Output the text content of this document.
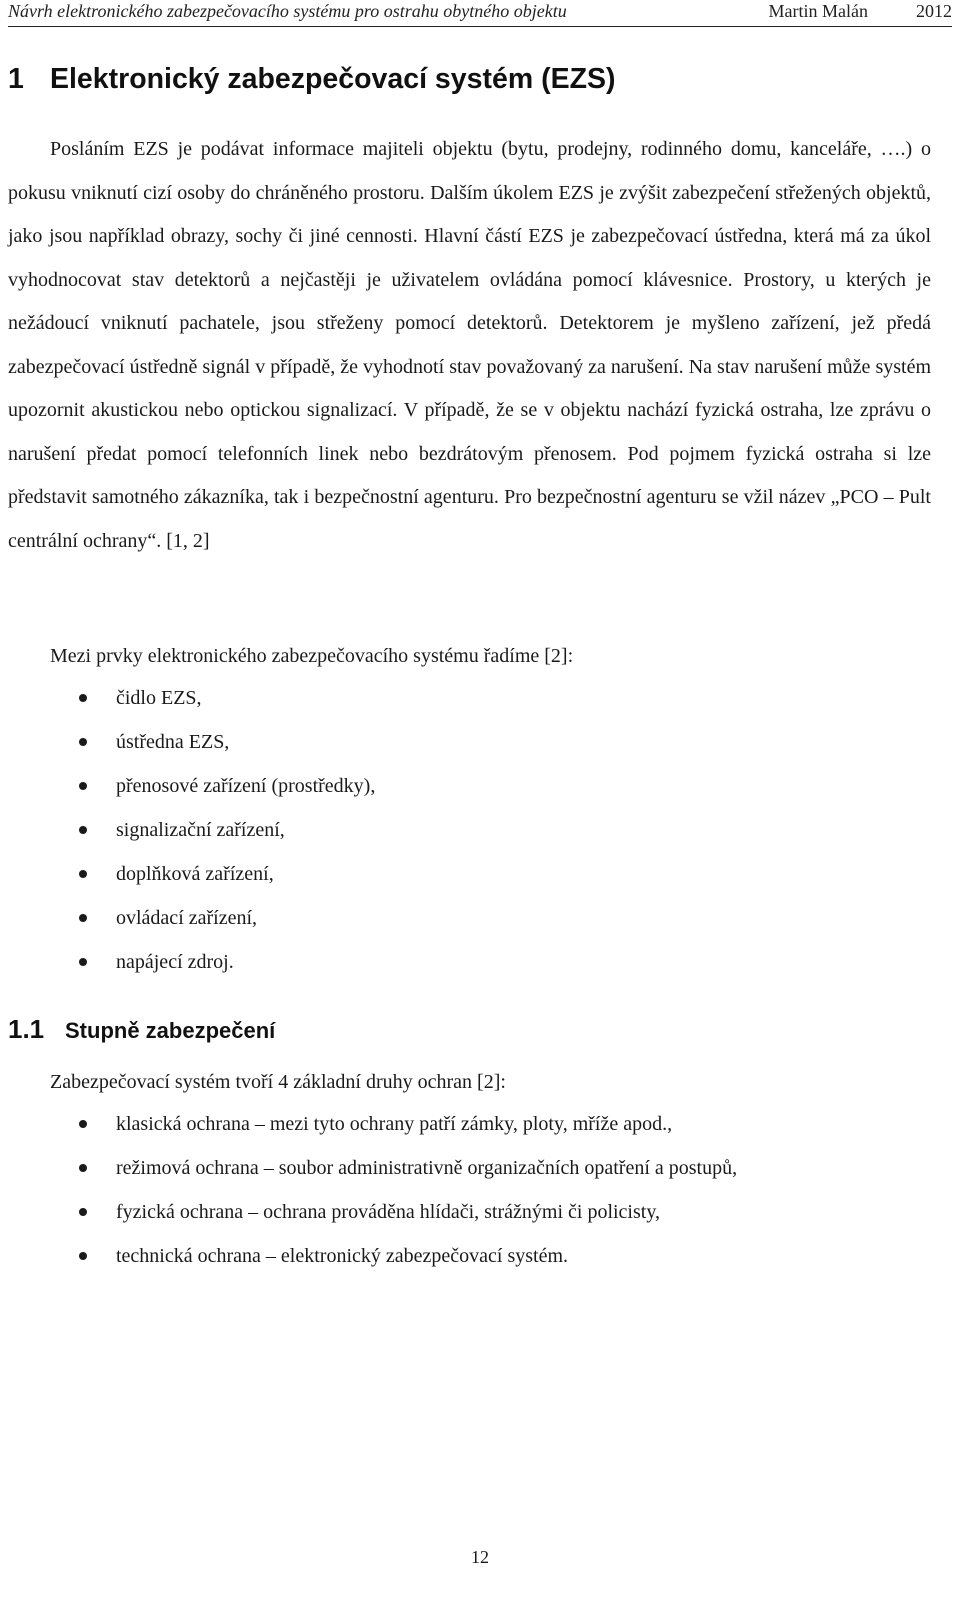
Návrh elektronického zabezpečovacího systému pro ostrahu obytného objektu	Martin Malán	2012
1 Elektronický zabezpečovací systém (EZS)

Posláním EZS je podávat informace majiteli objektu (bytu, prodejny, rodinného domu, kanceláře, ….) o pokusu vniknutí cizí osoby do chráněného prostoru. Dalším úkolem EZS je zvýšit zabezpečení střežených objektů, jako jsou například obrazy, sochy či jiné cennosti. Hlavní částí EZS je zabezpečovací ústředna, která má za úkol vyhodnocovat stav detektorů a nejčastěji je uživatelem ovládána pomocí klávesnice. Prostory, u kterých je nežádoucí vniknutí pachatele, jsou střeženy pomocí detektorů. Detektorem je myšleno zařízení, jež předá zabezpečovací ústředně signál v případě, že vyhodnotí stav považovaný za narušení. Na stav narušení může systém upozornit akustickou nebo optickou signalizací. V případě, že se v objektu nachází fyzická ostraha, lze zprávu o narušení předat pomocí telefonních linek nebo bezdrátovým přenosem. Pod pojmem fyzická ostraha si lze představit samotného zákazníka, tak i bezpečnostní agenturu. Pro bezpečnostní agenturu se vžil název „PCO – Pult centrální ochrany“. [1, 2]

Mezi prvky elektronického zabezpečovacího systému řadíme [2]:

čidlo EZS,
ústředna EZS,
přenosové zařízení (prostředky),
signalizační zařízení,
doplňková zařízení,
ovládací zařízení,
napájecí zdroj.
1.1 Stupně zabezpečení

Zabezpečovací systém tvoří 4 základní druhy ochran [2]:

klasická ochrana – mezi tyto ochrany patří zámky, ploty, mříže apod.,
režimová ochrana – soubor administrativně organizačních opatření a postupů,
fyzická ochrana – ochrana prováděna hlídači, strážnými či policisty,
technická ochrana – elektronický zabezpečovací systém.
12
